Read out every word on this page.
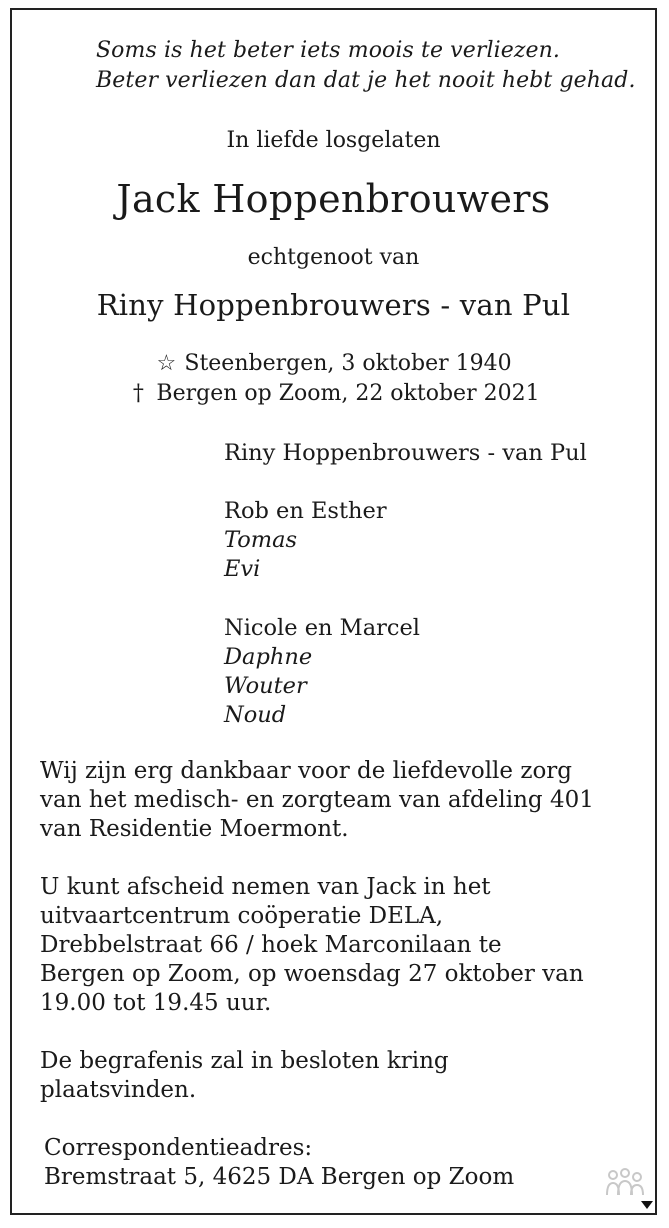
Soms is het beter iets moois te verliezen.
Beter verliezen dan dat je het nooit hebt gehad.
In liefde losgelaten
Jack Hoppenbrouwers
echtgenoot van
Riny Hoppenbrouwers - van Pul
☆ Steenbergen, 3 oktober 1940
† Bergen op Zoom, 22 oktober 2021
Riny Hoppenbrouwers - van Pul
Rob en Esther
Tomas
Evi
Nicole en Marcel
Daphne
Wouter
Noud
Wij zijn erg dankbaar voor de liefdevolle zorg
van het medisch- en zorgteam van afdeling 401
van Residentie Moermont.
U kunt afscheid nemen van Jack in het
uitvaartcentrum coöperatie DELA,
Drebbelstraat 66 / hoek Marconilaan te
Bergen op Zoom, op woensdag 27 oktober van
19.00 tot 19.45 uur.
De begrafenis zal in besloten kring
plaatsvinden.
Correspondentieadres:
Bremstraat 5, 4625 DA Bergen op Zoom
